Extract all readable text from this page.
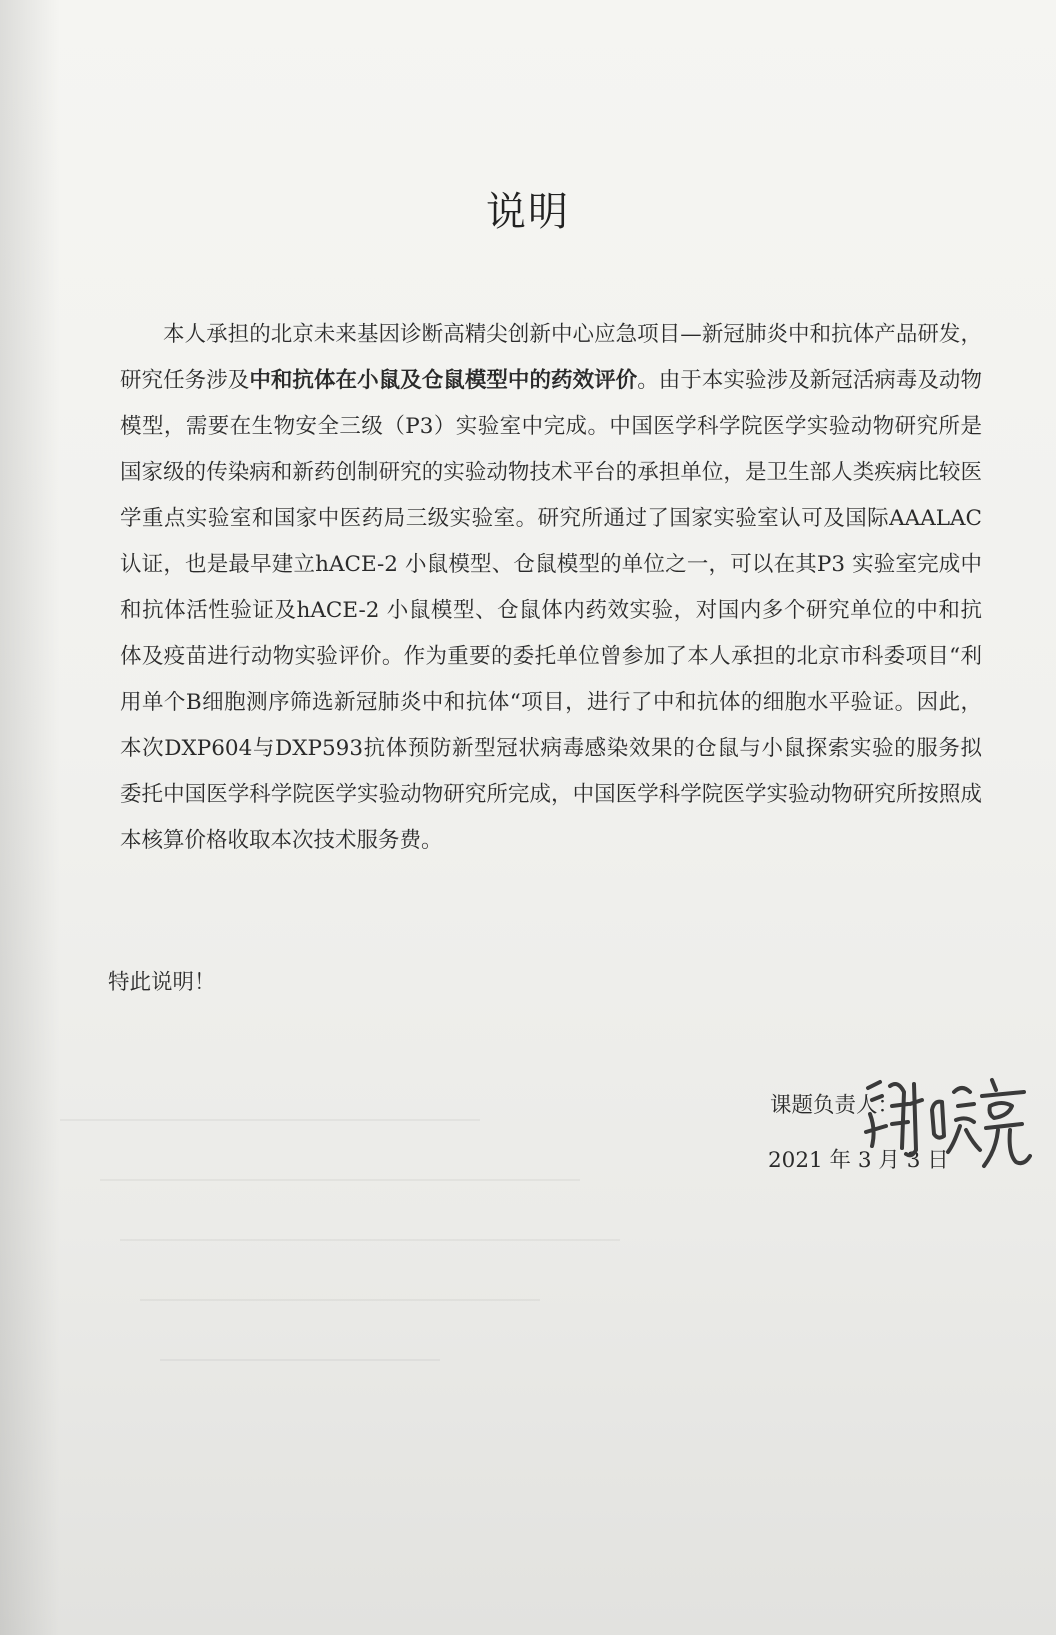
说明
本人承担的北京未来基因诊断高精尖创新中心应急项目—新冠肺炎中和抗体产品研发，研究任务涉及中和抗体在小鼠及仓鼠模型中的药效评价。由于本实验涉及新冠活病毒及动物模型，需要在生物安全三级（P3）实验室中完成。中国医学科学院医学实验动物研究所是国家级的传染病和新药创制研究的实验动物技术平台的承担单位，是卫生部人类疾病比较医学重点实验室和国家中医药局三级实验室。研究所通过了国家实验室认可及国际AAALAC 认证，也是最早建立hACE-2 小鼠模型、仓鼠模型的单位之一，可以在其P3 实验室完成中和抗体活性验证及hACE-2 小鼠模型、仓鼠体内药效实验，对国内多个研究单位的中和抗体及疫苗进行动物实验评价。作为重要的委托单位曾参加了本人承担的北京市科委项目“利用单个B细胞测序筛选新冠肺炎中和抗体“项目，进行了中和抗体的细胞水平验证。因此，本次DXP604与DXP593抗体预防新型冠状病毒感染效果的仓鼠与小鼠探索实验的服务拟委托中国医学科学院医学实验动物研究所完成，中国医学科学院医学实验动物研究所按照成本核算价格收取本次技术服务费。
特此说明！
课题负责人：
2021 年 3 月 3 日
